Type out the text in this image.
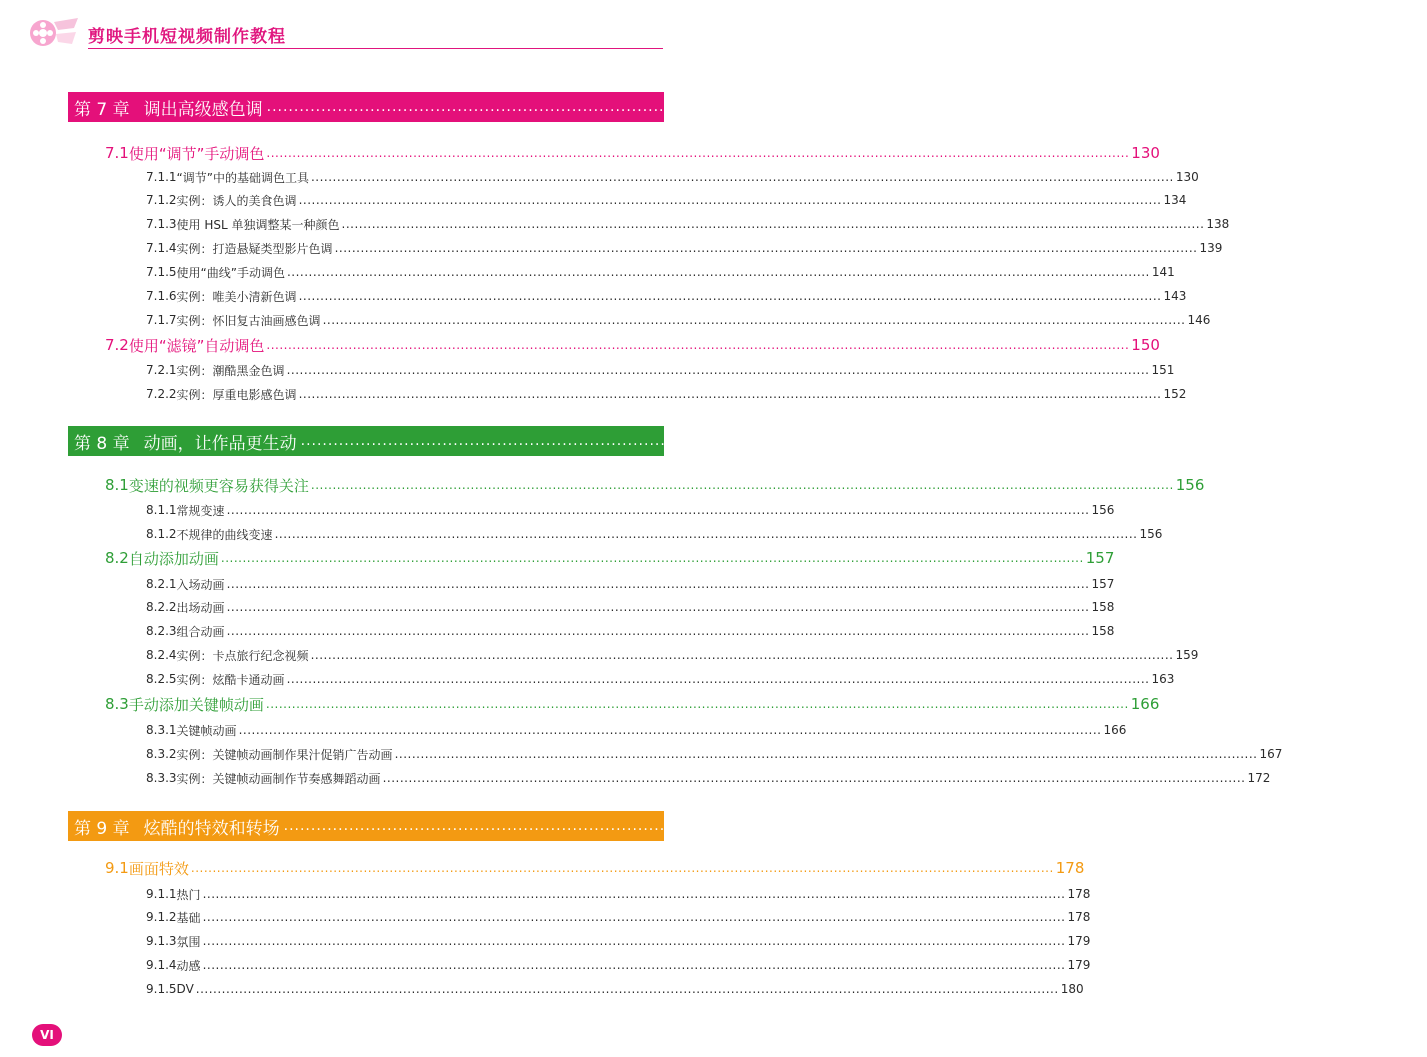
剪映手机短视频制作教程
第 7 章 调出高级感色调 ........................................................................................................................................................................................................ 129
7.1 使用“调节”手动调色 ........................................................................................................................................................................................................ 130
7.1.1 “调节”中的基础调色工具 ........................................................................................................................................................................................................ 130
7.1.2 实例：诱人的美食色调 ........................................................................................................................................................................................................ 134
7.1.3 使用 HSL 单独调整某一种颜色 ........................................................................................................................................................................................................ 138
7.1.4 实例：打造悬疑类型影片色调 ........................................................................................................................................................................................................ 139
7.1.5 使用“曲线”手动调色 ........................................................................................................................................................................................................ 141
7.1.6 实例：唯美小清新色调 ........................................................................................................................................................................................................ 143
7.1.7 实例：怀旧复古油画感色调 ........................................................................................................................................................................................................ 146
7.2 使用“滤镜”自动调色 ........................................................................................................................................................................................................ 150
7.2.1 实例：潮酷黑金色调 ........................................................................................................................................................................................................ 151
7.2.2 实例：厚重电影感色调 ........................................................................................................................................................................................................ 152
第 8 章 动画，让作品更生动 ........................................................................................................................................................................................................ 155
8.1 变速的视频更容易获得关注 ........................................................................................................................................................................................................ 156
8.1.1 常规变速 ........................................................................................................................................................................................................ 156
8.1.2 不规律的曲线变速 ........................................................................................................................................................................................................ 156
8.2 自动添加动画 ........................................................................................................................................................................................................ 157
8.2.1 入场动画 ........................................................................................................................................................................................................ 157
8.2.2 出场动画 ........................................................................................................................................................................................................ 158
8.2.3 组合动画 ........................................................................................................................................................................................................ 158
8.2.4 实例：卡点旅行纪念视频 ........................................................................................................................................................................................................ 159
8.2.5 实例：炫酷卡通动画 ........................................................................................................................................................................................................ 163
8.3 手动添加关键帧动画 ........................................................................................................................................................................................................ 166
8.3.1 关键帧动画 ........................................................................................................................................................................................................ 166
8.3.2 实例：关键帧动画制作果汁促销广告动画 ........................................................................................................................................................................................................ 167
8.3.3 实例：关键帧动画制作节奏感舞蹈动画 ........................................................................................................................................................................................................ 172
第 9 章 炫酷的特效和转场 ........................................................................................................................................................................................................ 177
9.1 画面特效 ........................................................................................................................................................................................................ 178
9.1.1 热门 ........................................................................................................................................................................................................ 178
9.1.2 基础 ........................................................................................................................................................................................................ 178
9.1.3 氛围 ........................................................................................................................................................................................................ 179
9.1.4 动感 ........................................................................................................................................................................................................ 179
9.1.5 DV ........................................................................................................................................................................................................ 180
VI
